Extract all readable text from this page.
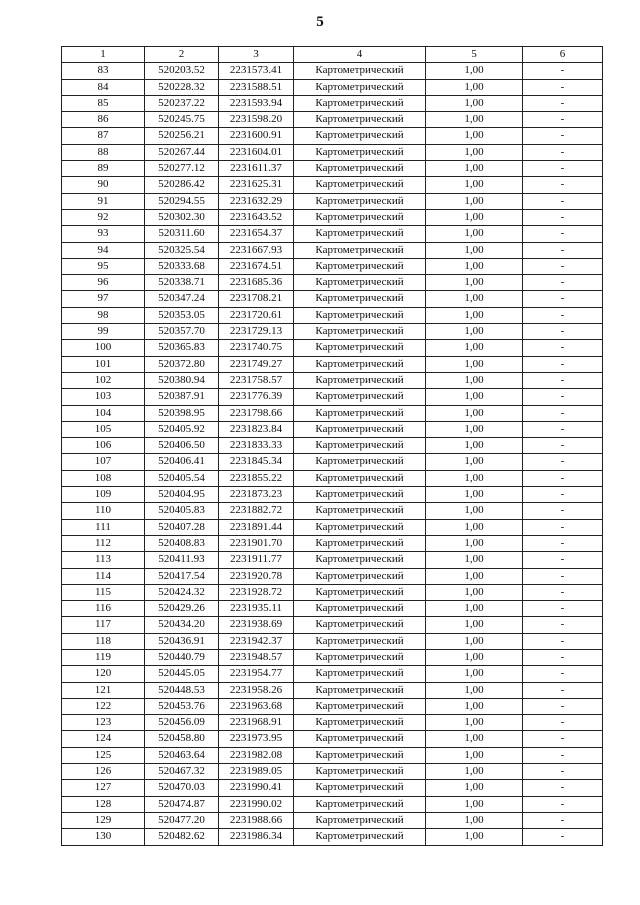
5
1	2	3	4	5	6
83	520203.52	2231573.41	Картометрический	1,00	-
84	520228.32	2231588.51	Картометрический	1,00	-
85	520237.22	2231593.94	Картометрический	1,00	-
86	520245.75	2231598.20	Картометрический	1,00	-
87	520256.21	2231600.91	Картометрический	1,00	-
88	520267.44	2231604.01	Картометрический	1,00	-
89	520277.12	2231611.37	Картометрический	1,00	-
90	520286.42	2231625.31	Картометрический	1,00	-
91	520294.55	2231632.29	Картометрический	1,00	-
92	520302.30	2231643.52	Картометрический	1,00	-
93	520311.60	2231654.37	Картометрический	1,00	-
94	520325.54	2231667.93	Картометрический	1,00	-
95	520333.68	2231674.51	Картометрический	1,00	-
96	520338.71	2231685.36	Картометрический	1,00	-
97	520347.24	2231708.21	Картометрический	1,00	-
98	520353.05	2231720.61	Картометрический	1,00	-
99	520357.70	2231729.13	Картометрический	1,00	-
100	520365.83	2231740.75	Картометрический	1,00	-
101	520372.80	2231749.27	Картометрический	1,00	-
102	520380.94	2231758.57	Картометрический	1,00	-
103	520387.91	2231776.39	Картометрический	1,00	-
104	520398.95	2231798.66	Картометрический	1,00	-
105	520405.92	2231823.84	Картометрический	1,00	-
106	520406.50	2231833.33	Картометрический	1,00	-
107	520406.41	2231845.34	Картометрический	1,00	-
108	520405.54	2231855.22	Картометрический	1,00	-
109	520404.95	2231873.23	Картометрический	1,00	-
110	520405.83	2231882.72	Картометрический	1,00	-
111	520407.28	2231891.44	Картометрический	1,00	-
112	520408.83	2231901.70	Картометрический	1,00	-
113	520411.93	2231911.77	Картометрический	1,00	-
114	520417.54	2231920.78	Картометрический	1,00	-
115	520424.32	2231928.72	Картометрический	1,00	-
116	520429.26	2231935.11	Картометрический	1,00	-
117	520434.20	2231938.69	Картометрический	1,00	-
118	520436.91	2231942.37	Картометрический	1,00	-
119	520440.79	2231948.57	Картометрический	1,00	-
120	520445.05	2231954.77	Картометрический	1,00	-
121	520448.53	2231958.26	Картометрический	1,00	-
122	520453.76	2231963.68	Картометрический	1,00	-
123	520456.09	2231968.91	Картометрический	1,00	-
124	520458.80	2231973.95	Картометрический	1,00	-
125	520463.64	2231982.08	Картометрический	1,00	-
126	520467.32	2231989.05	Картометрический	1,00	-
127	520470.03	2231990.41	Картометрический	1,00	-
128	520474.87	2231990.02	Картометрический	1,00	-
129	520477.20	2231988.66	Картометрический	1,00	-
130	520482.62	2231986.34	Картометрический	1,00	-
